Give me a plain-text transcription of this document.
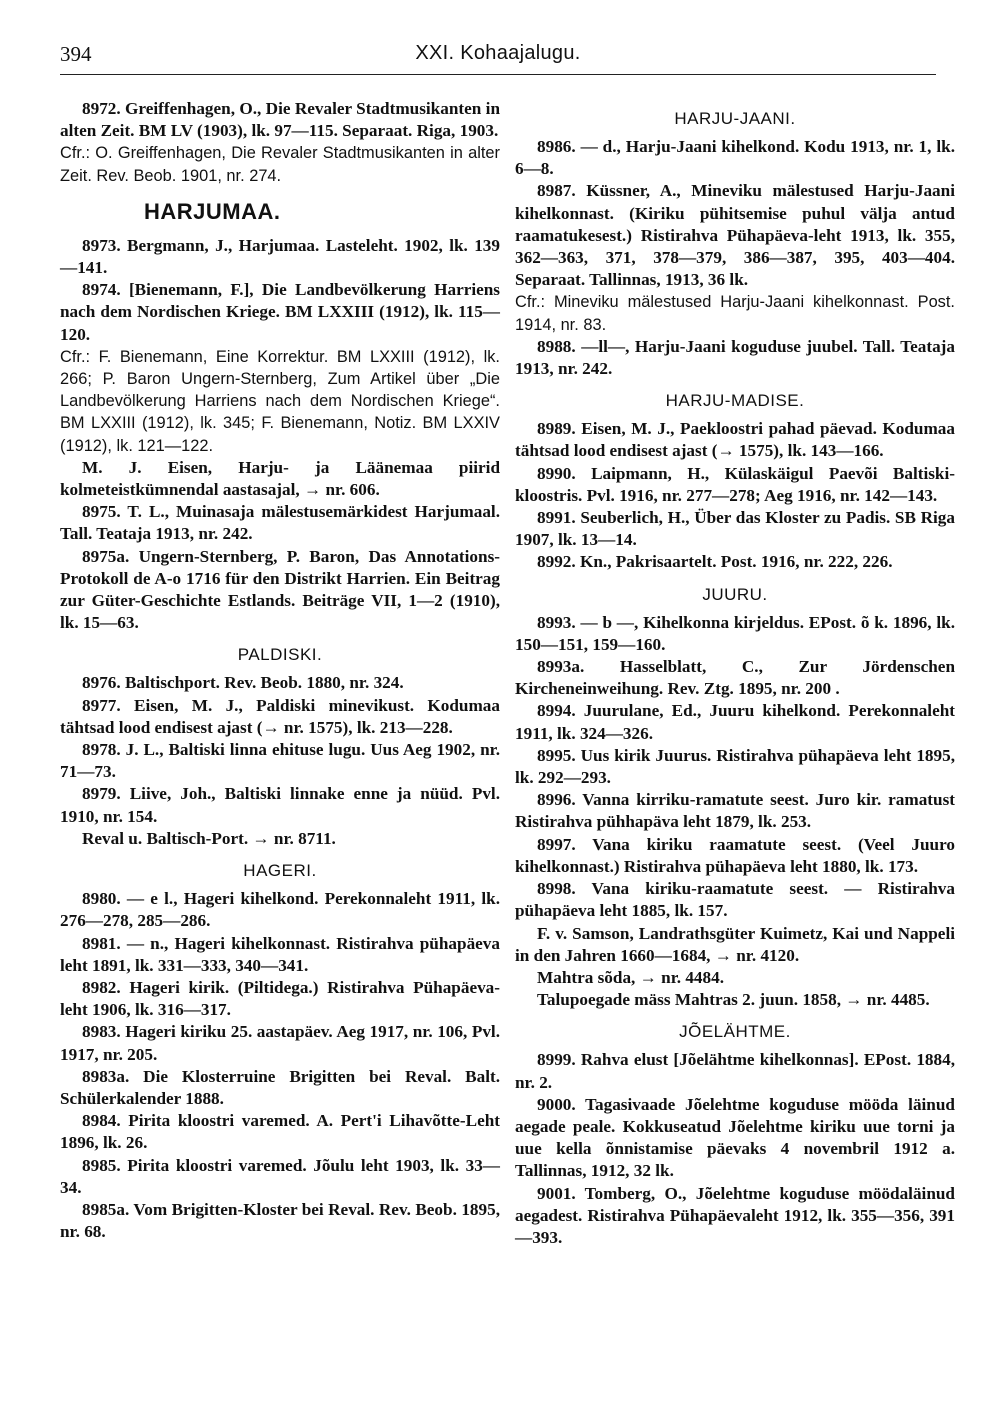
394	XXI. Kohaajalugu.

8972. Greiffenhagen, O., Die Revaler Stadtmusikanten in alten Zeit. BM LV (1903), lk. 97—115. Separaat. Riga, 1903.

Cfr.: O. Greiffenhagen, Die Revaler Stadtmusikanten in alter Zeit. Rev. Beob. 1901, nr. 274.

HARJUMAA.

8973. Bergmann, J., Harjumaa. Lasteleht. 1902, lk. 139—141.

8974. [Bienemann, F.], Die Landbevölkerung Harriens nach dem Nordischen Kriege. BM LXXIII (1912), lk. 115—120.

Cfr.: F. Bienemann, Eine Korrektur. BM LXXIII (1912), lk. 266; P. Baron Ungern-Sternberg, Zum Artikel über „Die Landbevölkerung Harriens nach dem Nordischen Kriege“. BM LXXIII (1912), lk. 345; F. Bienemann, Notiz. BM LXXIV (1912), lk. 121—122.

M. J. Eisen, Harju- ja Läänemaa piirid kolmeteistkümnendal aastasajal, → nr. 606.

8975. T. L., Muinasaja mälestusemärkidest Harjumaal. Tall. Teataja 1913, nr. 242.

8975a. Ungern-Sternberg, P. Baron, Das Annotations-Protokoll de A-o 1716 für den Distrikt Harrien. Ein Beitrag zur Güter-Geschichte Estlands. Beiträge VII, 1—2 (1910), lk. 15—63.

PALDISKI.

8976. Baltischport. Rev. Beob. 1880, nr. 324.

8977. Eisen, M. J., Paldiski minevikust. Kodumaa tähtsad lood endisest ajast (→ nr. 1575), lk. 213—228.

8978. J. L., Baltiski linna ehituse lugu. Uus Aeg 1902, nr. 71—73.

8979. Liive, Joh., Baltiski linnake enne ja nüüd. Pvl. 1910, nr. 154.

Reval u. Baltisch-Port. → nr. 8711.

HAGERI.

8980. — e l., Hageri kihelkond. Perekonnaleht 1911, lk. 276—278, 285—286.

8981. — n., Hageri kihelkonnast. Ristirahva pühapäeva leht 1891, lk. 331—333, 340—341.

8982. Hageri kirik. (Piltidega.) Ristirahva Pühapäeva-leht 1906, lk. 316—317.

8983. Hageri kiriku 25. aastapäev. Aeg 1917, nr. 106, Pvl. 1917, nr. 205.

8983a. Die Klosterruine Brigitten bei Reval. Balt. Schülerkalender 1888.

8984. Pirita kloostri varemed. A. Pert'i Lihavõtte-Leht 1896, lk. 26.

8985. Pirita kloostri varemed. Jõulu leht 1903, lk. 33—34.

8985a. Vom Brigitten-Kloster bei Reval. Rev. Beob. 1895, nr. 68.

HARJU-JAANI.

8986. — d., Harju-Jaani kihelkond. Kodu 1913, nr. 1, lk. 6—8.

8987. Küssner, A., Mineviku mälestused Harju-Jaani kihelkonnast. (Kiriku pühitsemise puhul välja antud raamatukesest.) Ristirahva Pühapäeva-leht 1913, lk. 355, 362—363, 371, 378—379, 386—387, 395, 403—404. Separaat. Tallinnas, 1913, 36 lk.

Cfr.: Mineviku mälestused Harju-Jaani kihelkonnast. Post. 1914, nr. 83.

8988. —ll—, Harju-Jaani koguduse juubel. Tall. Teataja 1913, nr. 242.

HARJU-MADISE.

8989. Eisen, M. J., Paekloostri pahad päevad. Kodumaa tähtsad lood endisest ajast (→ 1575), lk. 143—166.

8990. Laipmann, H., Külaskäigul Paevõi Baltiski-kloostris. Pvl. 1916, nr. 277—278; Aeg 1916, nr. 142—143.

8991. Seuberlich, H., Über das Kloster zu Padis. SB Riga 1907, lk. 13—14.

8992. Kn., Pakrisaartelt. Post. 1916, nr. 222, 226.

JUURU.

8993. — b —, Kihelkonna kirjeldus. EPost. õ k. 1896, lk. 150—151, 159—160.

8993a. Hasselblatt, C., Zur Jördenschen Kircheneinweihung. Rev. Ztg. 1895, nr. 200 .

8994. Juurulane, Ed., Juuru kihelkond. Perekonnaleht 1911, lk. 324—326.

8995. Uus kirik Juurus. Ristirahva pühapäeva leht 1895, lk. 292—293.

8996. Vanna kirriku-ramatute seest. Juro kir. ramatust Ristirahva pühhapäva leht 1879, lk. 253.

8997. Vana kiriku raamatute seest. (Veel Juuro kihelkonnast.) Ristirahva pühapäeva leht 1880, lk. 173.

8998. Vana kiriku-raamatute seest. — Ristirahva pühapäeva leht 1885, lk. 157.

F. v. Samson, Landrathsgüter Kuimetz, Kai und Nappeli in den Jahren 1660—1684, → nr. 4120.

Mahtra sõda, → nr. 4484.

Talupoegade mäss Mahtras 2. juun. 1858, → nr. 4485.

JÕELÄHTME.

8999. Rahva elust [Jõelähtme kihelkonnas]. EPost. 1884, nr. 2.

9000. Tagasivaade Jõelehtme koguduse mööda läinud aegade peale. Kokkuseatud Jõelehtme kiriku uue torni ja uue kella õnnistamise päevaks 4 novembril 1912 a. Tallinnas, 1912, 32 lk.

9001. Tomberg, O., Jõelehtme koguduse möödaläinud aegadest. Ristirahva Pühapäevaleht 1912, lk. 355—356, 391—393.
